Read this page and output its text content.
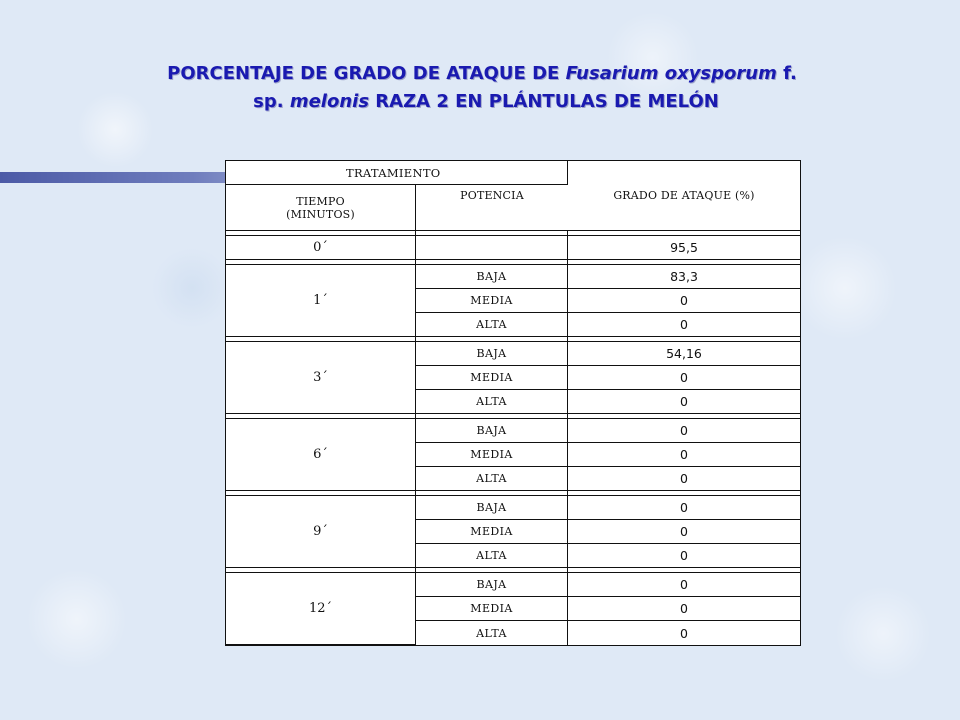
PORCENTAJE DE GRADO DE ATAQUE DE Fusarium oxysporum f.
sp. melonis RAZA 2 EN PLÁNTULAS DE MELÓN
TRATAMIENTO		GRADO DE ATAQUE (%)
TIEMPO
(MINUTOS)	POTENCIA	

0´		95,5

1´	BAJA	83,3
	MEDIA	0
	ALTA	0

3´	BAJA	54,16
	MEDIA	0
	ALTA	0

6´	BAJA	0
	MEDIA	0
	ALTA	0

9´	BAJA	0
	MEDIA	0
	ALTA	0

12´	BAJA	0
	MEDIA	0
	ALTA	0
